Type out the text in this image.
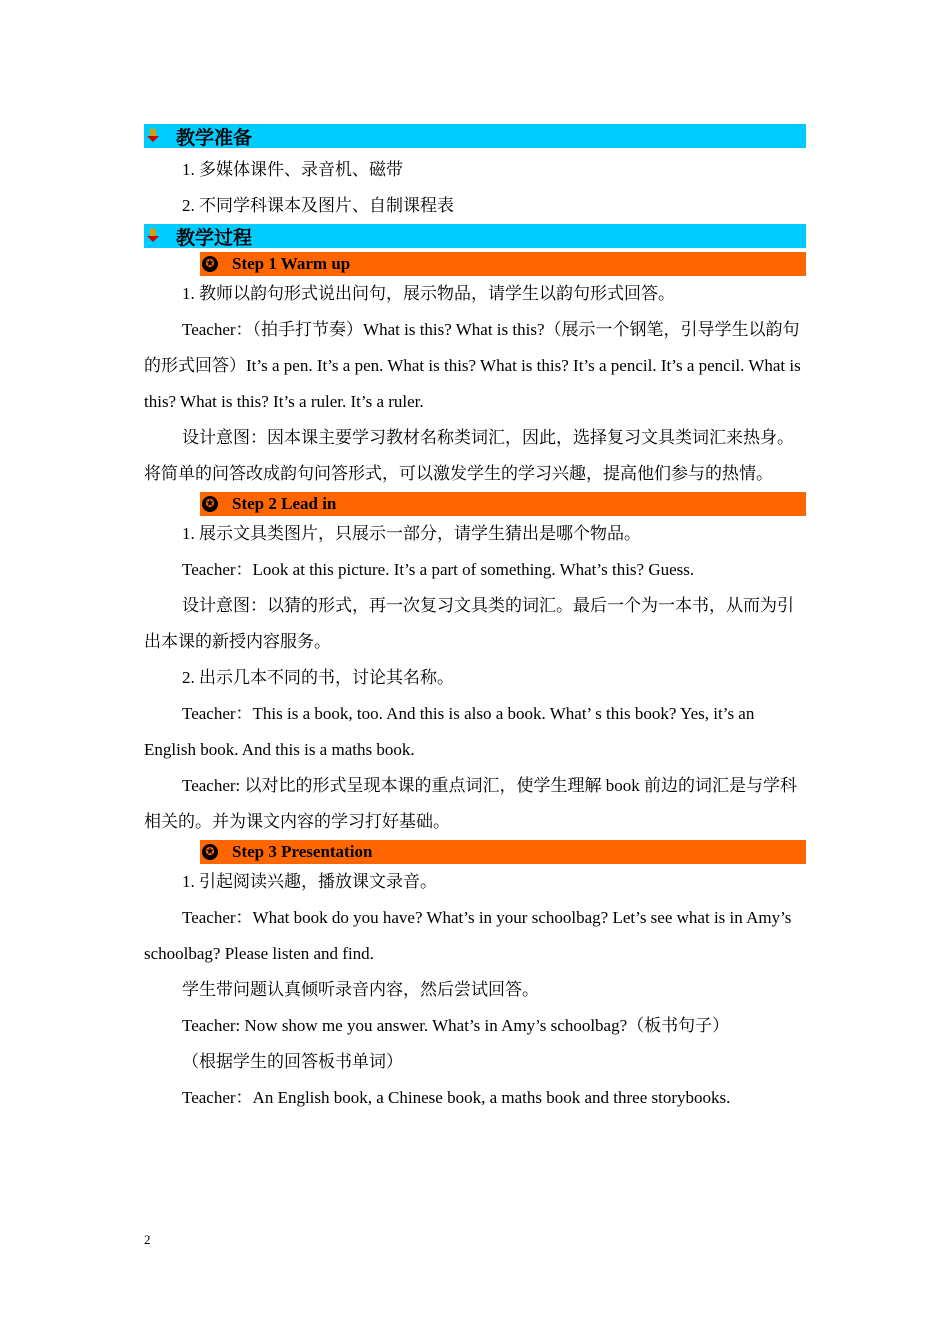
教学准备

1. 多媒体课件、录音机、磁带

2. 不同学科课本及图片、自制课程表

教学过程
✪ Step 1 Warm up

1. 教师以韵句形式说出问句，展示物品，请学生以韵句形式回答。

Teacher：（拍手打节奏）What is this? What is this?（展示一个钢笔，引导学生以韵句的形式回答）It’s a pen. It’s a pen. What is this? What is this? It’s a pencil. It’s a pencil. What is this? What is this? It’s a ruler. It’s a ruler.

设计意图：因本课主要学习教材名称类词汇，因此，选择复习文具类词汇来热身。将简单的问答改成韵句问答形式，可以激发学生的学习兴趣，提高他们参与的热情。

✪ Step 2 Lead in

1. 展示文具类图片，只展示一部分，请学生猜出是哪个物品。

Teacher：Look at this picture. It’s a part of something. What’s this? Guess.

设计意图：以猜的形式，再一次复习文具类的词汇。最后一个为一本书，从而为引出本课的新授内容服务。

2. 出示几本不同的书，讨论其名称。

Teacher：This is a book, too. And this is also a book. What’ s this book? Yes, it’s an English book. And this is a maths book.

Teacher: 以对比的形式呈现本课的重点词汇，使学生理解 book 前边的词汇是与学科相关的。并为课文内容的学习打好基础。

✪ Step 3 Presentation

1. 引起阅读兴趣，播放课文录音。

Teacher：What book do you have? What’s in your schoolbag? Let’s see what is in Amy’s schoolbag? Please listen and find.

学生带问题认真倾听录音内容，然后尝试回答。

Teacher: Now show me you answer. What’s in Amy’s schoolbag?（板书句子）

（根据学生的回答板书单词）

Teacher：An English book, a Chinese book, a maths book and three storybooks.

2
